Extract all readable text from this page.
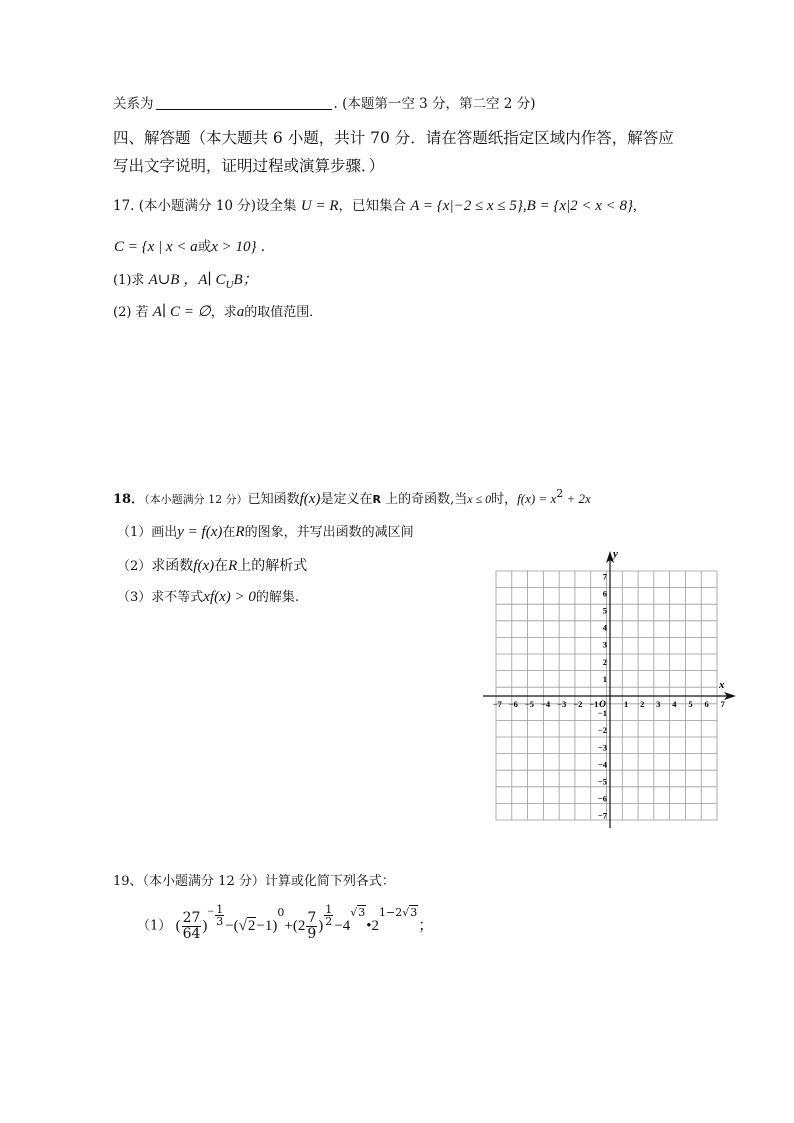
关系为	. (本题第一空 3 分，第二空 2 分)
四、解答题（本大题共 6 小题，共计 70 分．请在答题纸指定区域内作答，解答应
写出文字说明，证明过程或演算步骤．）
17. (本小题满分 10 分)设全集 U = R，已知集合 A = {x|−2 ≤ x ≤ 5},B = {x|2 < x < 8},
C = {x | x < a或x > 10} .
(1)求 A∪B ，A∣ $C_UB$；
(2) 若 A∣ C = ∅，求a的取值范围．
18．（本小题满分 12 分）已知函数f(x)是定义在R 上的奇函数,当x ≤ 0时，$f(x) = x^2 + 2x$
（1）画出y = f(x)在R的图象，并写出函数的减区间
（2）求函数f(x)在R上的解析式
（3）求不等式xf(x) > 0的解集.
x
y
−7 −6 −5 −4 −3 −2 −1	1 2 3 4 5 6 7
O
7
6
5
4
3
2
1
−1
−2
−3
−4
−5
−6
−7
19、（本小题满分 12 分）计算或化简下列各式：
（1） ( $\frac{27}{64}$ )− $\frac{1}{3} -(√2-1)^0+(2 \frac{7}{9}$ ) $\frac{1}{2}$ $-4^{√3}•2^{1-2√3}$；
